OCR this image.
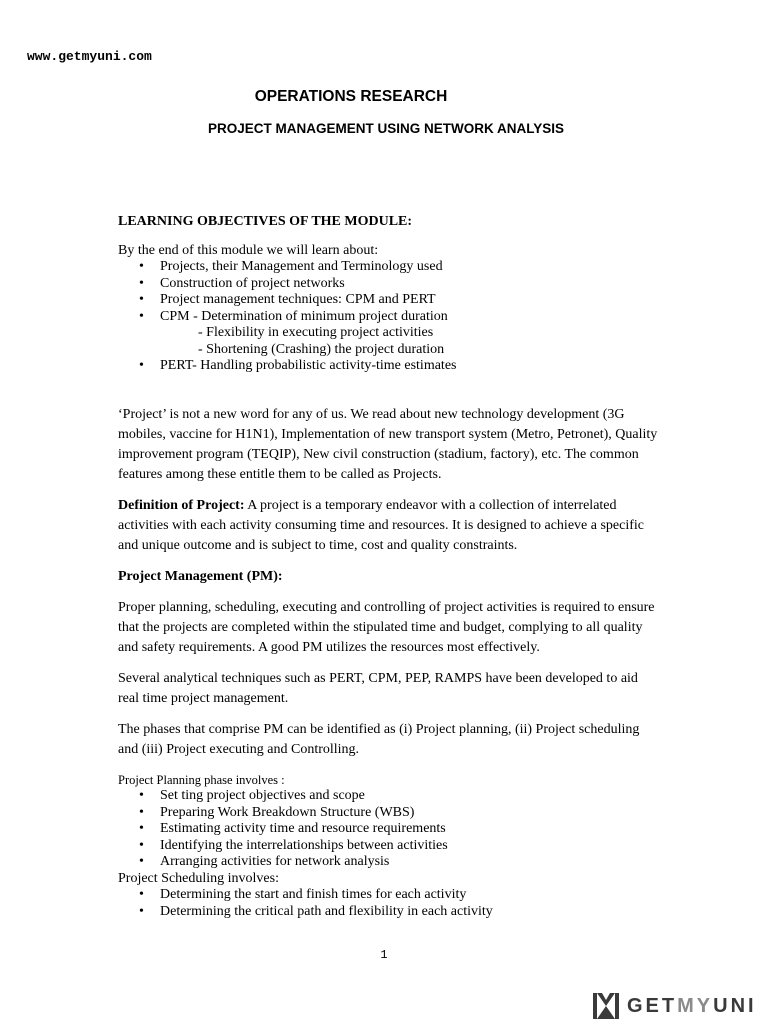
www.getmyuni.com
OPERATIONS RESEARCH
PROJECT MANAGEMENT USING NETWORK ANALYSIS

LEARNING OBJECTIVES OF THE MODULE:

By the end of this module we will learn about:

• Projects, their Management and Terminology used
• Construction of project networks
• Project management techniques: CPM and PERT
• CPM - Determination of minimum project duration
- Flexibility in executing project activities
- Shortening (Crashing) the project duration
• PERT- Handling probabilistic activity-time estimates

‘Project’ is not a new word for any of us. We read about new technology development (3G mobiles, vaccine for H1N1), Implementation of new transport system (Metro, Petronet), Quality improvement program (TEQIP), New civil construction (stadium, factory), etc. The common features among these entitle them to be called as Projects.

Definition of Project: A project is a temporary endeavor with a collection of interrelated activities with each activity consuming time and resources. It is designed to achieve a specific and unique outcome and is subject to time, cost and quality constraints.

Project Management (PM):

Proper planning, scheduling, executing and controlling of project activities is required to ensure that the projects are completed within the stipulated time and budget, complying to all quality and safety requirements. A good PM utilizes the resources most effectively.

Several analytical techniques such as PERT, CPM, PEP, RAMPS have been developed to aid real time project management.

The phases that comprise PM can be identified as (i) Project planning, (ii) Project scheduling and (iii) Project executing and Controlling.

Project Planning phase involves :

• Set ting project objectives and scope
• Preparing Work Breakdown Structure (WBS)
• Estimating activity time and resource requirements
• Identifying the interrelationships between activities
• Arranging activities for network analysis

Project Scheduling involves:

• Determining the start and finish times for each activity
• Determining the critical path and flexibility in each activity
1
GETMYUNI
